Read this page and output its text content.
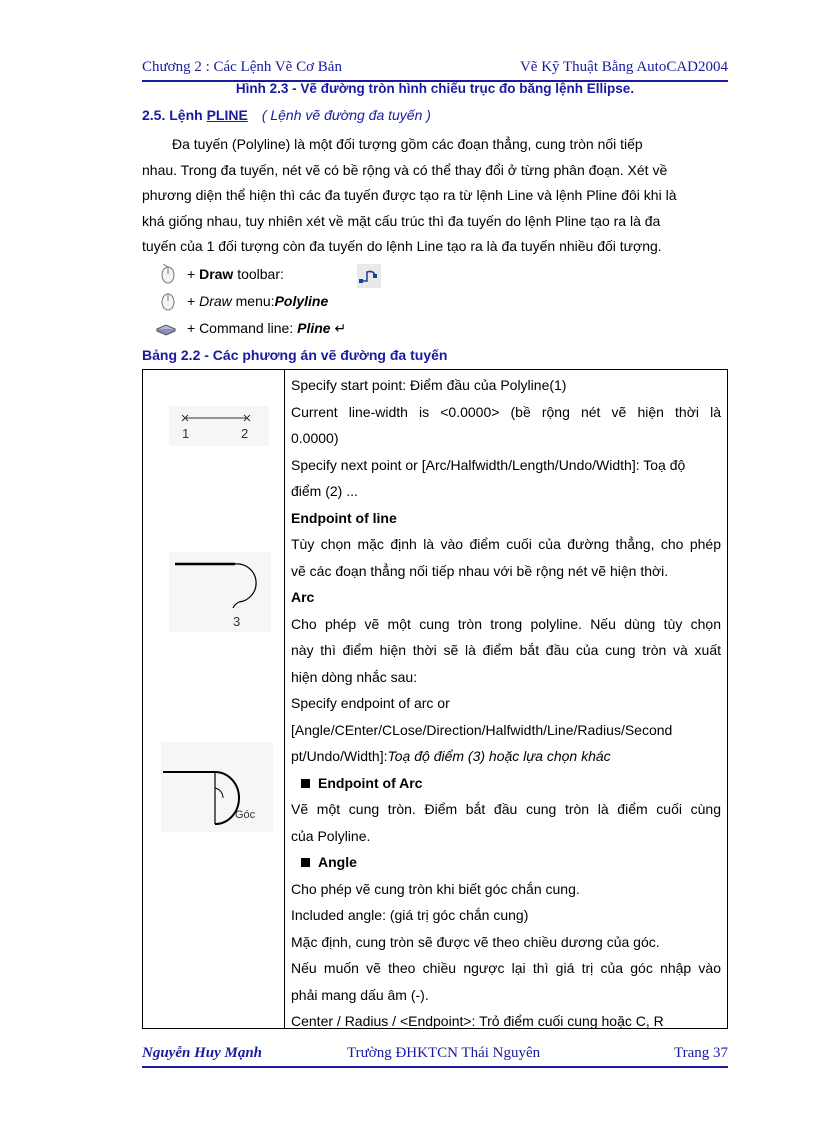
Chương 2 : Các Lệnh Vẽ Cơ Bản	Vẽ Kỹ Thuật Bằng AutoCAD2004
Hình 2.3 - Vẽ đường tròn hình chiếu trục đo bằng lệnh Ellipse.
2.5. Lệnh PLINE ( Lệnh vẽ đường đa tuyến )

Đa tuyến (Polyline) là một đối tượng gồm các đoạn thẳng, cung tròn nối tiếp

nhau. Trong đa tuyến, nét vẽ có bề rộng và có thể thay đổi ở từng phân đoạn. Xét về

phương diện thể hiện thì các đa tuyến được tạo ra từ lệnh Line và lệnh Pline đôi khi là

khá giống nhau, tuy nhiên xét về mặt cấu trúc thì đa tuyến do lệnh Pline tạo ra là đa

tuyến của 1 đối tượng còn đa tuyến do lệnh Line tạo ra là đa tuyến nhiều đối tượng.

+ Draw toolbar:
+ Draw menu:Polyline
+ Command line: Pline ↵
Bảng 2.2 - Các phương án vẽ đường đa tuyến
1	2
3
Góc
Specify start point: Điểm đầu của Polyline(1)
Current line-width is <0.0000> (bề rộng nét vẽ hiện thời là
0.0000)
Specify next point or [Arc/Halfwidth/Length/Undo/Width]: Toạ độ
điểm (2) ...
Endpoint of line
Tùy chọn mặc định là vào điểm cuối của đường thẳng, cho phép
vẽ các đoạn thẳng nối tiếp nhau với bề rộng nét vẽ hiện thời.
Arc
Cho phép vẽ một cung tròn trong polyline. Nếu dùng tùy chọn
này thì điểm hiện thời sẽ là điểm bắt đầu của cung tròn và xuất
hiện dòng nhắc sau:
Specify endpoint of arc or
[Angle/CEnter/CLose/Direction/Halfwidth/Line/Radius/Second
pt/Undo/Width]:Toạ độ điểm (3) hoặc lựa chọn khác
Endpoint of Arc
Vẽ một cung tròn. Điểm bắt đầu cung tròn là điểm cuối cùng
của Polyline.
Angle
Cho phép vẽ cung tròn khi biết góc chắn cung.
Included angle: (giá trị góc chắn cung)
Mặc định, cung tròn sẽ được vẽ theo chiều dương của góc.
Nếu muốn vẽ theo chiều ngược lại thì giá trị của góc nhập vào
phải mang dấu âm (-).
Center / Radius / <Endpoint>: Trỏ điểm cuối cung hoặc C, R
Nguyễn Huy Mạnh	Trường ĐHKTCN Thái Nguyên	Trang 37
